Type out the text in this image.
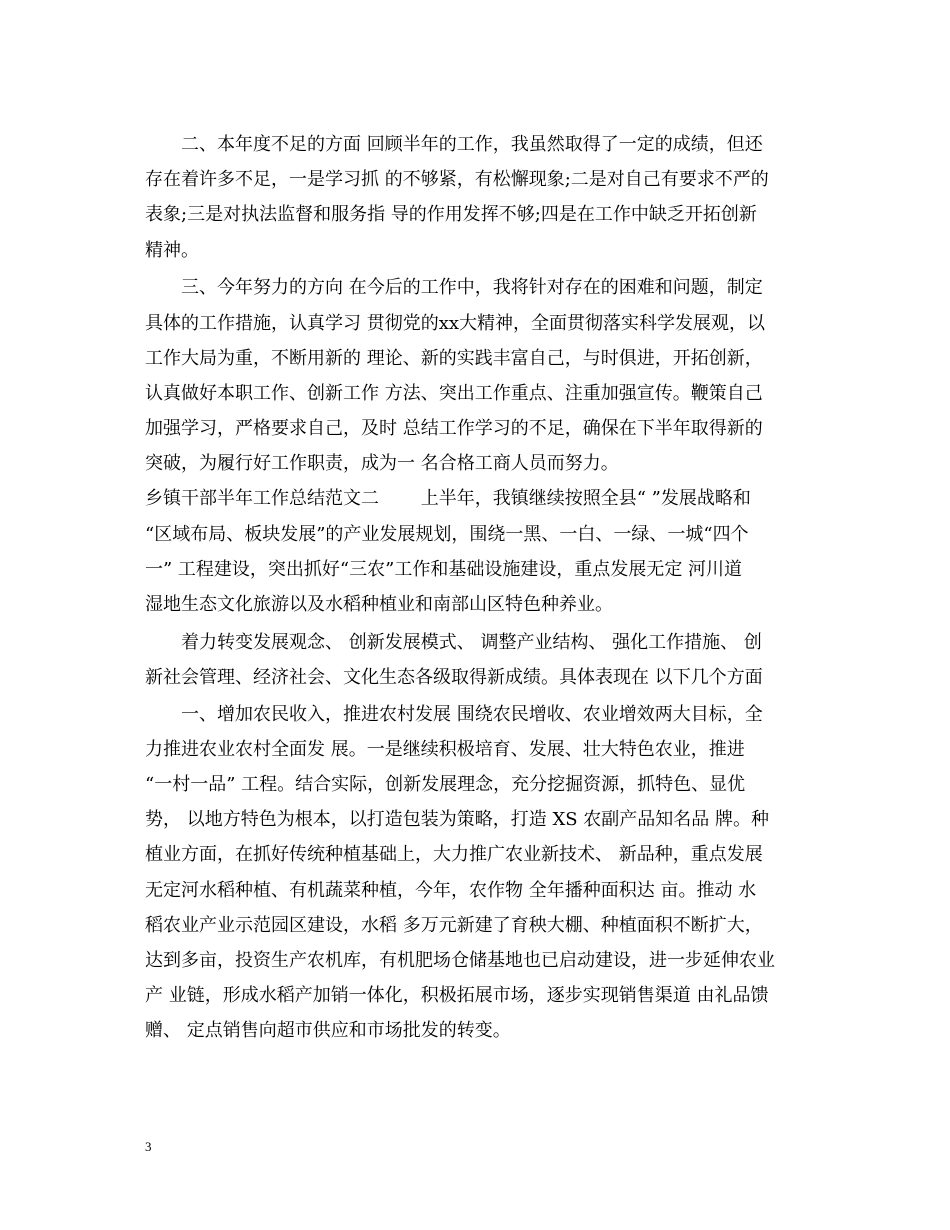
　　二、本年度不足的方面 回顾半年的工作，我虽然取得了一定的成绩，但还
存在着许多不足，一是学习抓 的不够紧，有松懈现象;二是对自己有要求不严的
表象;三是对执法监督和服务指 导的作用发挥不够;四是在工作中缺乏开拓创新
精神。
　　三、今年努力的方向 在今后的工作中，我将针对存在的困难和问题，制定
具体的工作措施，认真学习 贯彻党的xx大精神，全面贯彻落实科学发展观，以
工作大局为重，不断用新的 理论、新的实践丰富自己，与时俱进，开拓创新，
认真做好本职工作、创新工作 方法、突出工作重点、注重加强宣传。鞭策自己
加强学习，严格要求自己，及时 总结工作学习的不足，确保在下半年取得新的
突破，为履行好工作职责，成为一 名合格工商人员而努力。
乡镇干部半年工作总结范文二　　 上半年，我镇继续按照全县“ ”发展战略和
“区域布局、板块发展”的产业发展规划，围绕一黑、一白、一绿、一城“四个
一” 工程建设，突出抓好“三农”工作和基础设施建设，重点发展无定 河川道
湿地生态文化旅游以及水稻种植业和南部山区特色种养业。
　　着力转变发展观念、 创新发展模式、 调整产业结构、 强化工作措施、 创
新社会管理、经济社会、文化生态各级取得新成绩。具体表现在 以下几个方面
　　一、增加农民收入，推进农村发展 围绕农民增收、农业增效两大目标，全
力推进农业农村全面发 展。一是继续积极培育、发展、壮大特色农业，推进
“一村一品” 工程。结合实际，创新发展理念，充分挖掘资源，抓特色、显优
势， 以地方特色为根本，以打造包装为策略，打造 XS 农副产品知名品 牌。种
植业方面，在抓好传统种植基础上，大力推广农业新技术、 新品种，重点发展
无定河水稻种植、有机蔬菜种植，今年，农作物 全年播种面积达 亩。推动 水
稻农业产业示范园区建设，水稻 多万元新建了育秧大棚、种植面积不断扩大，
达到多亩，投资生产农机库，有机肥场仓储基地也已启动建设，进一步延伸农业
产 业链，形成水稻产加销一体化，积极拓展市场，逐步实现销售渠道 由礼品馈
赠、 定点销售向超市供应和市场批发的转变。
3
